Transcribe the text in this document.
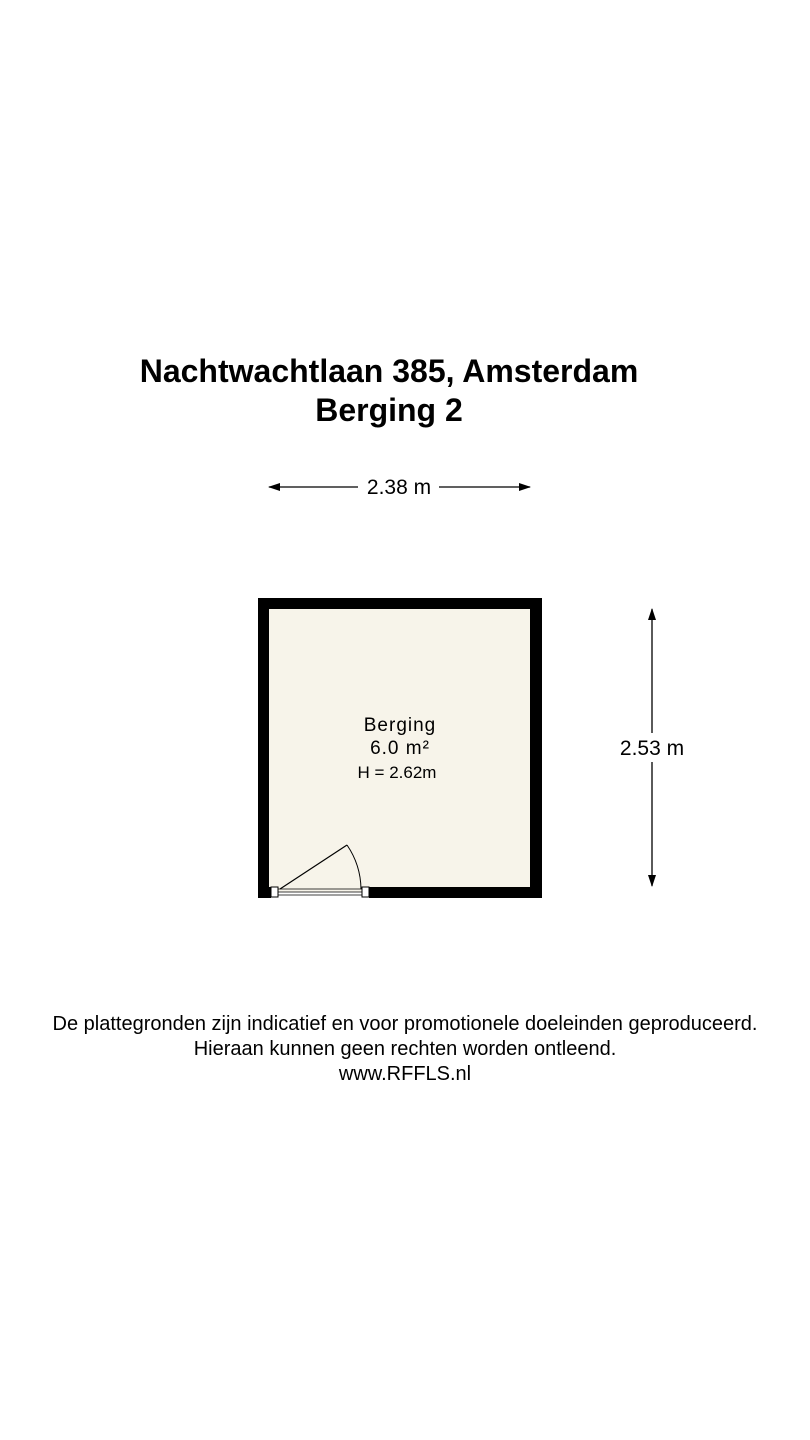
Nachtwachtlaan 385, Amsterdam
Berging 2
2.38 m
2.53 m
Berging
6.0 m²
H = 2.62m
De plattegronden zijn indicatief en voor promotionele doeleinden geproduceerd.
Hieraan kunnen geen rechten worden ontleend.
www.RFFLS.nl
